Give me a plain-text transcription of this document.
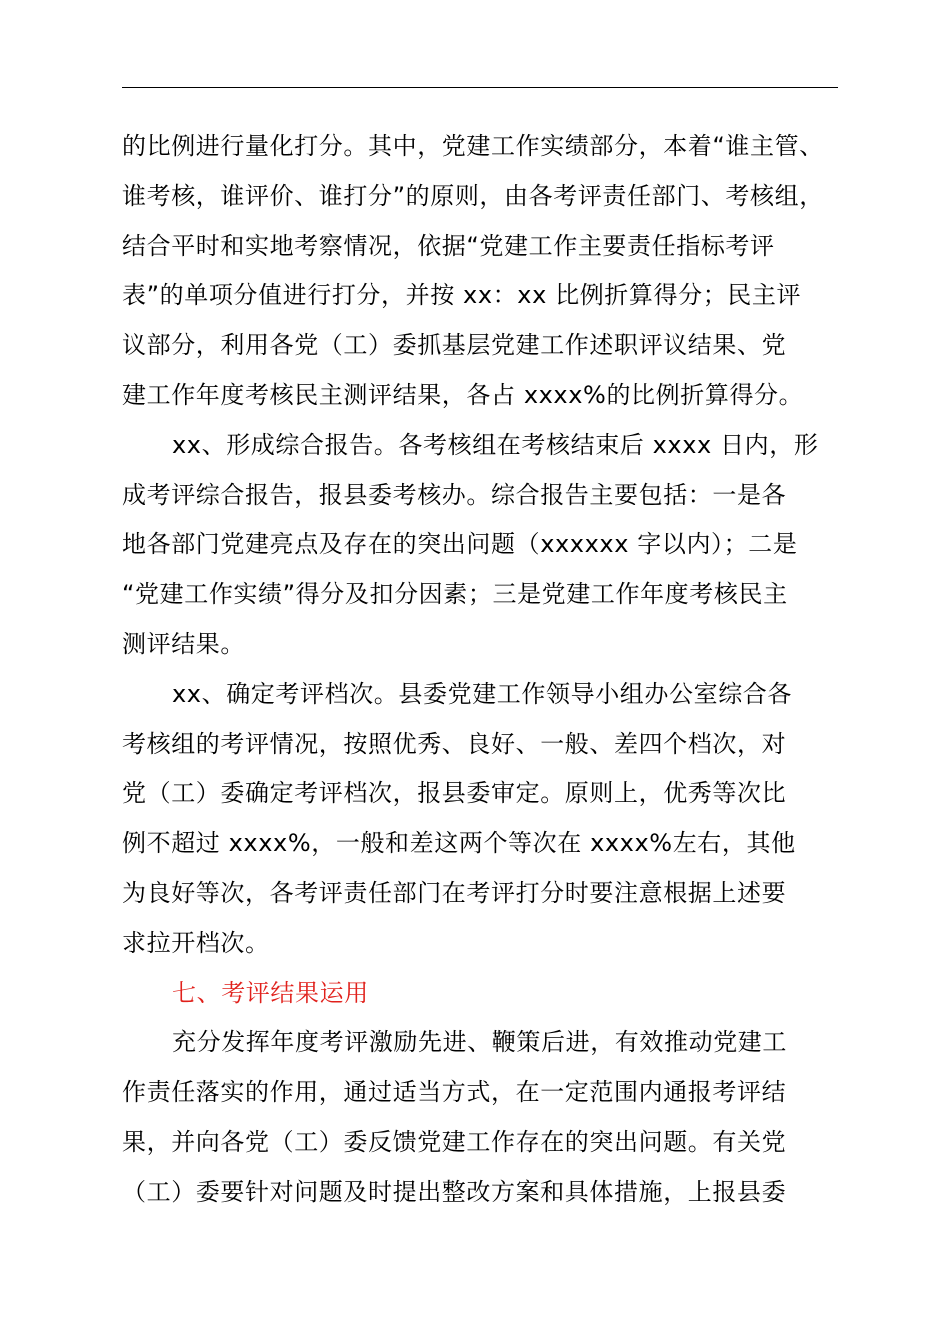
的比例进行量化打分。其中，党建工作实绩部分，本着“谁主管、
谁考核，谁评价、谁打分”的原则，由各考评责任部门、考核组，
结合平时和实地考察情况，依据“党建工作主要责任指标考评
表”的单项分值进行打分，并按 xx：xx 比例折算得分；民主评
议部分，利用各党（工）委抓基层党建工作述职评议结果、党
建工作年度考核民主测评结果，各占 xxxx%的比例折算得分。
xx、形成综合报告。各考核组在考核结束后 xxxx 日内，形
成考评综合报告，报县委考核办。综合报告主要包括：一是各
地各部门党建亮点及存在的突出问题（xxxxxx 字以内）；二是
“党建工作实绩”得分及扣分因素；三是党建工作年度考核民主
测评结果。
xx、确定考评档次。县委党建工作领导小组办公室综合各
考核组的考评情况，按照优秀、良好、一般、差四个档次，对
党（工）委确定考评档次，报县委审定。原则上，优秀等次比
例不超过 xxxx%，一般和差这两个等次在 xxxx%左右，其他
为良好等次，各考评责任部门在考评打分时要注意根据上述要
求拉开档次。
七、考评结果运用
充分发挥年度考评激励先进、鞭策后进，有效推动党建工
作责任落实的作用，通过适当方式，在一定范围内通报考评结
果，并向各党（工）委反馈党建工作存在的突出问题。有关党
（工）委要针对问题及时提出整改方案和具体措施，上报县委
